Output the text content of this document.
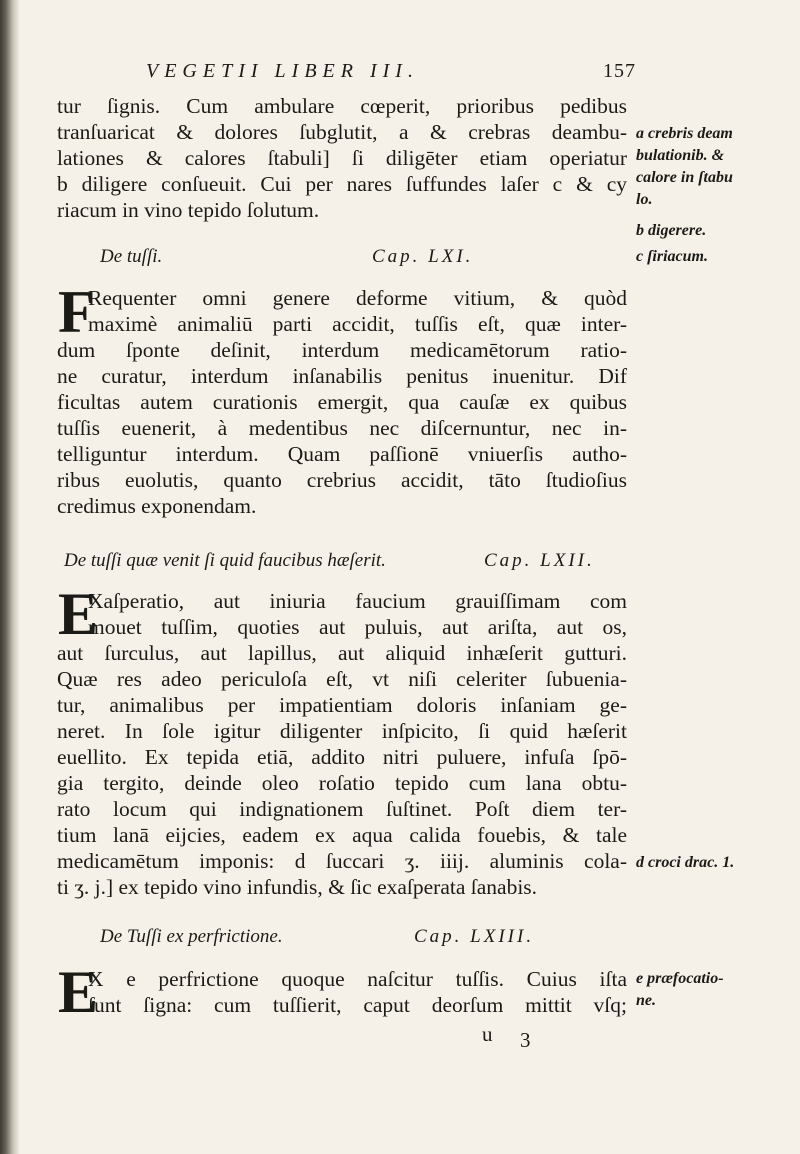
VEGETII LIBER III.	157
tur ſignis. Cum ambulare cœperit, prioribus pedibus
tranſuaricat & dolores ſubglutit, a & crebras deambu-
lationes & calores ſtabuli] ſi diligēter etiam operiatur
b diligere conſueuit. Cui per nares ſuffundes laſer c & cy
riacum in vino tepido ſolutum.
De tuſſi.	Cap. LXI.
F
Requenter omni genere deforme vitium, & quòd
maximè animaliū parti accidit, tuſſis eſt, quæ inter-
dum ſponte deſinit, interdum medicamētorum ratio-
ne curatur, interdum inſanabilis penitus inuenitur. Dif
ficultas autem curationis emergit, qua cauſæ ex quibus
tuſſis euenerit, à medentibus nec diſcernuntur, nec in-
telliguntur interdum. Quam paſſionē vniuerſis autho-
ribus euolutis, quanto crebrius accidit, tāto ſtudioſius
credimus exponendam.
De tuſſi quæ venit ſi quid faucibus hæſerit.	Cap. LXII.
E
Xaſperatio, aut iniuria faucium grauiſſimam com
mouet tuſſim, quoties aut puluis, aut ariſta, aut os,
aut ſurculus, aut lapillus, aut aliquid inhæſerit gutturi.
Quæ res adeo periculoſa eſt, vt niſi celeriter ſubuenia-
tur, animalibus per impatientiam doloris inſaniam ge-
neret. In ſole igitur diligenter inſpicito, ſi quid hæſerit
euellito. Ex tepida etiā, addito nitri puluere, infuſa ſpō-
gia tergito, deinde oleo roſatio tepido cum lana obtu-
rato locum qui indignationem ſuſtinet. Poſt diem ter-
tium lanā eijcies, eadem ex aqua calida fouebis, & tale
medicamētum imponis: d ſuccari ʒ. iiij. aluminis cola-
ti ʒ. j.] ex tepido vino infundis, & ſic exaſperata ſanabis.
De Tuſſi ex perfrictione.	Cap. LXIII.
E
X e perfrictione quoque naſcitur tuſſis. Cuius iſta
ſunt ſigna: cum tuſſierit, caput deorſum mittit vſq;
u 3
a crebris deam
bulationib. &
calore in ſtabu
lo.
b digerere.
c ſiriacum.
d croci drac. 1.
e præfocatio-
ne.
